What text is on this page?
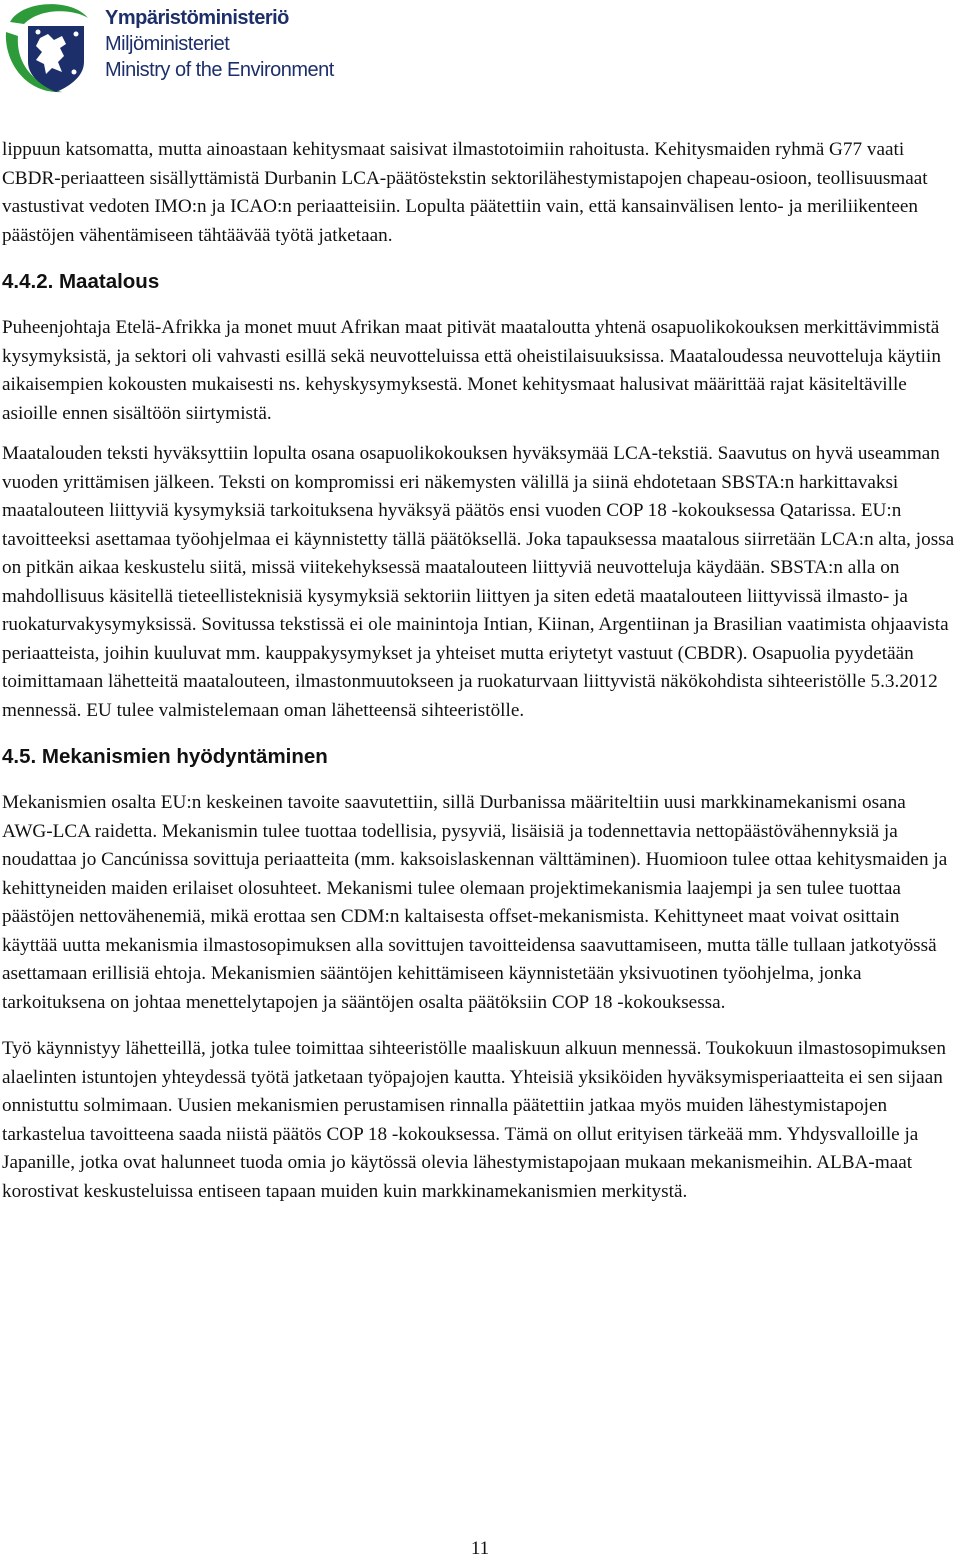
Ympäristöministeriö
Miljöministeriet
Ministry of the Environment

lippuun katsomatta, mutta ainoastaan kehitysmaat saisivat ilmastotoimiin rahoitusta. Kehitysmaiden ryhmä G77 vaati CBDR-periaatteen sisällyttämistä Durbanin LCA-päätöstekstin sektorilähestymistapojen chapeau-osioon, teollisuusmaat vastustivat vedoten IMO:n ja ICAO:n periaatteisiin. Lopulta päätettiin vain, että kansainvälisen lento- ja meriliikenteen päästöjen vähentämiseen tähtäävää työtä jatketaan.

4.4.2. Maatalous

Puheenjohtaja Etelä-Afrikka ja monet muut Afrikan maat pitivät maataloutta yhtenä osapuolikokouksen merkittävimmistä kysymyksistä, ja sektori oli vahvasti esillä sekä neuvotteluissa että oheistilaisuuksissa. Maataloudessa neuvotteluja käytiin aikaisempien kokousten mukaisesti ns. kehyskysymyksestä. Monet kehitysmaat halusivat määrittää rajat käsiteltäville asioille ennen sisältöön siirtymistä.

Maatalouden teksti hyväksyttiin lopulta osana osapuolikokouksen hyväksymää LCA-tekstiä. Saavutus on hyvä useamman vuoden yrittämisen jälkeen. Teksti on kompromissi eri näkemysten välillä ja siinä ehdotetaan SBSTA:n harkittavaksi maatalouteen liittyviä kysymyksiä tarkoituksena hyväksyä päätös ensi vuoden COP 18 -kokouksessa Qatarissa. EU:n tavoitteeksi asettamaa työohjelmaa ei käynnistetty tällä päätöksellä. Joka tapauksessa maatalous siirretään LCA:n alta, jossa on pitkän aikaa keskustelu siitä, missä viitekehyksessä maatalouteen liittyviä neuvotteluja käydään. SBSTA:n alla on mahdollisuus käsitellä tieteellisteknisiä kysymyksiä sektoriin liittyen ja siten edetä maatalouteen liittyvissä ilmasto- ja ruokaturvakysymyksissä. Sovitussa tekstissä ei ole mainintoja Intian, Kiinan, Argentiinan ja Brasilian vaatimista ohjaavista periaatteista, joihin kuuluvat mm. kauppakysymykset ja yhteiset mutta eriytetyt vastuut (CBDR). Osapuolia pyydetään toimittamaan lähetteitä maatalouteen, ilmastonmuutokseen ja ruokaturvaan liittyvistä näkökohdista sihteeristölle 5.3.2012 mennessä. EU tulee valmistelemaan oman lähetteensä sihteeristölle.

4.5. Mekanismien hyödyntäminen

Mekanismien osalta EU:n keskeinen tavoite saavutettiin, sillä Durbanissa määriteltiin uusi markkinamekanismi osana AWG-LCA raidetta. Mekanismin tulee tuottaa todellisia, pysyviä, lisäisiä ja todennettavia nettopäästövähennyksiä ja noudattaa jo Cancúnissa sovittuja periaatteita (mm. kaksoislaskennan välttäminen). Huomioon tulee ottaa kehitysmaiden ja kehittyneiden maiden erilaiset olosuhteet. Mekanismi tulee olemaan projektimekanismia laajempi ja sen tulee tuottaa päästöjen nettovähenemiä, mikä erottaa sen CDM:n kaltaisesta offset-mekanismista. Kehittyneet maat voivat osittain käyttää uutta mekanismia ilmastosopimuksen alla sovittujen tavoitteidensa saavuttamiseen, mutta tälle tullaan jatkotyössä asettamaan erillisiä ehtoja. Mekanismien sääntöjen kehittämiseen käynnistetään yksivuotinen työohjelma, jonka tarkoituksena on johtaa menettelytapojen ja sääntöjen osalta päätöksiin COP 18 -kokouksessa.

Työ käynnistyy lähetteillä, jotka tulee toimittaa sihteeristölle maaliskuun alkuun mennessä. Toukokuun ilmastosopimuksen alaelinten istuntojen yhteydessä työtä jatketaan työpajojen kautta. Yhteisiä yksiköiden hyväksymisperiaatteita ei sen sijaan onnistuttu solmimaan. Uusien mekanismien perustamisen rinnalla päätettiin jatkaa myös muiden lähestymistapojen tarkastelua tavoitteena saada niistä päätös COP 18 -kokouksessa. Tämä on ollut erityisen tärkeää mm. Yhdysvalloille ja Japanille, jotka ovat halunneet tuoda omia jo käytössä olevia lähestymistapojaan mukaan mekanismeihin. ALBA-maat korostivat keskusteluissa entiseen tapaan muiden kuin markkinamekanismien merkitystä.

11
